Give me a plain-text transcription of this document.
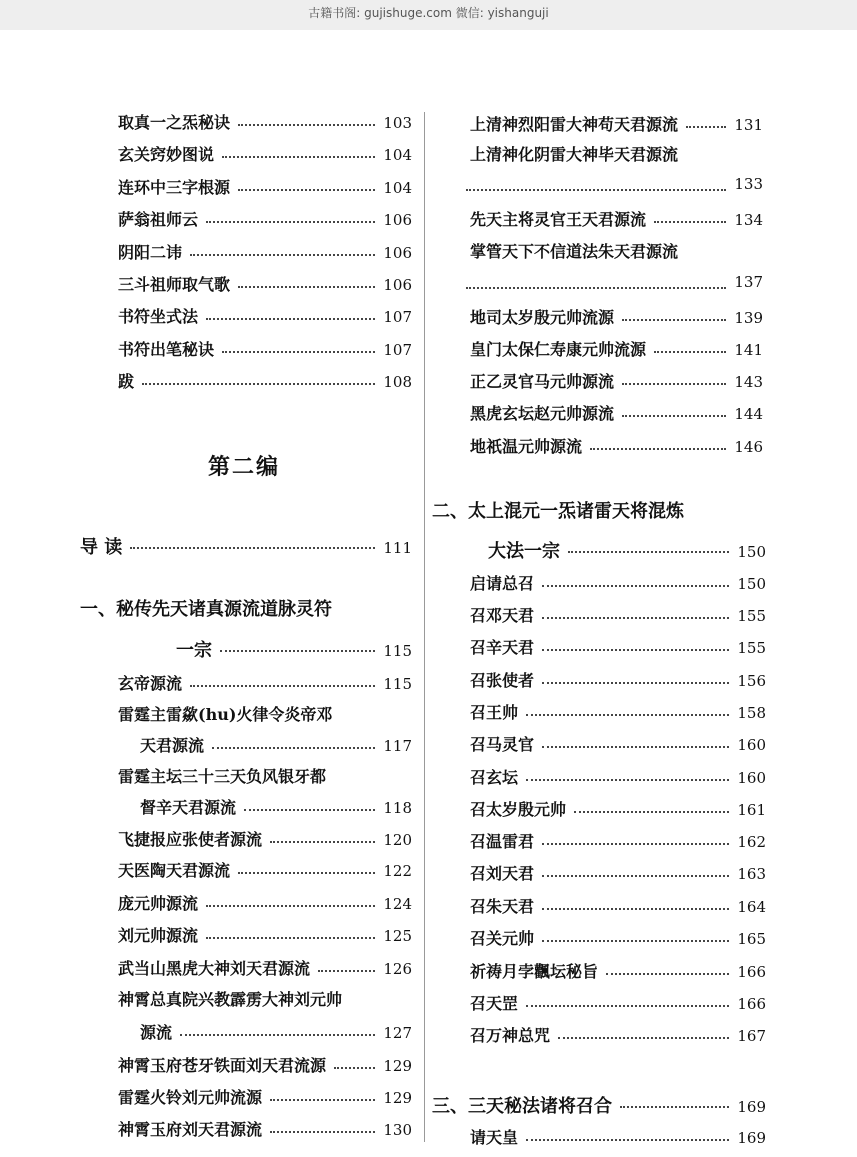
古籍书阁: gujishuge.com 微信: yishanguji
第二编
取真一之炁秘诀	103
玄关窍妙图说	104
连环中三字根源	104
萨翁祖师云	106
阴阳二讳	106
三斗祖师取气歌	106
书符坐式法	107
书符出笔秘诀	107
跋	108
导 读	111
一、秘传先天诸真源流道脉灵符
一宗	115
玄帝源流	115
雷霆主雷歘(hu)火律令炎帝邓
天君源流	117
雷霆主坛三十三天负风银牙都
督辛天君源流	118
飞捷报应张使者源流	120
天医陶天君源流	122
庞元帅源流	124
刘元帅源流	125
武当山黑虎大神刘天君源流	126
神霄总真院兴教霹雳大神刘元帅
源流	127
神霄玉府苍牙铁面刘天君流源	129
雷霆火铃刘元帅流源	129
神霄玉府刘天君源流	130
上清神烈阳雷大神苟天君源流	131
上清神化阴雷大神毕天君源流
133
先天主将灵官王天君源流	134
掌管天下不信道法朱天君源流
137
地司太岁殷元帅流源	139
皇门太保仁寿康元帅流源	141
正乙灵官马元帅源流	143
黑虎玄坛赵元帅源流	144
地祇温元帅源流	146
二、太上混元一炁诸雷天将混炼
大法一宗	150
启请总召	150
召邓天君	155
召辛天君	155
召张使者	156
召王帅	158
召马灵官	160
召玄坛	160
召太岁殷元帅	161
召温雷君	162
召刘天君	163
召朱天君	164
召关元帅	165
祈祷月孛飌坛秘旨	166
召天罡	166
召万神总咒	167
三、三天秘法诸将召合	169
请天皇	169
